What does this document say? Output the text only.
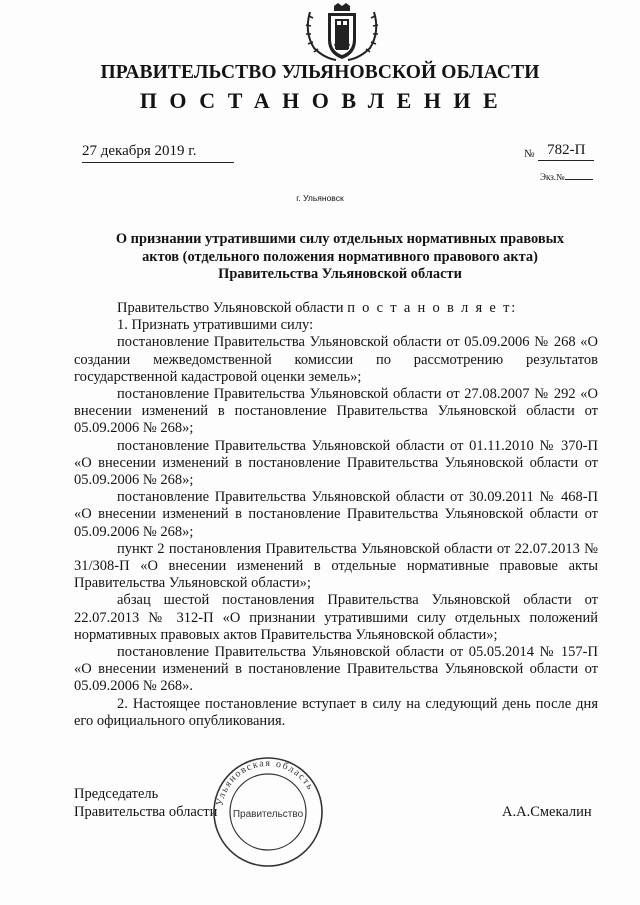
ПРАВИТЕЛЬСТВО УЛЬЯНОВСКОЙ ОБЛАСТИ
ПОСТАНОВЛЕНИЕ
27 декабря 2019 г.	$_№$ 782-П
Экз.№
г. Ульяновск
О признании утратившими силу отдельных нормативных правовых
актов (отдельного положения нормативного правового акта)
Правительства Ульяновской области

Правительство Ульяновской области п о с т а н о в л я е т:

1. Признать утратившими силу:

постановление Правительства Ульяновской области от 05.09.2006 № 268 «О создании межведомственной комиссии по рассмотрению результатов государственной кадастровой оценки земель»;

постановление Правительства Ульяновской области от 27.08.2007 № 292 «О внесении изменений в постановление Правительства Ульяновской области от 05.09.2006 № 268»;

постановление Правительства Ульяновской области от 01.11.2010 № 370-П «О внесении изменений в постановление Правительства Ульяновской области от 05.09.2006 № 268»;

постановление Правительства Ульяновской области от 30.09.2011 № 468-П «О внесении изменений в постановление Правительства Ульяновской области от 05.09.2006 № 268»;

пункт 2 постановления Правительства Ульяновской области от 22.07.2013 № 31/308-П «О внесении изменений в отдельные нормативные правовые акты Правительства Ульяновской области»;

абзац шестой постановления Правительства Ульяновской области от 22.07.2013 № 312-П «О признании утратившими силу отдельных положений нормативных правовых актов Правительства Ульяновской области»;

постановление Правительства Ульяновской области от 05.05.2014 № 157-П «О внесении изменений в постановление Правительства Ульяновской области от 05.09.2006 № 268».

2. Настоящее постановление вступает в силу на следующий день после дня его официального опубликования.

Председатель
Правительства области
Ульяновская область
Правительство	А.А.Смекалин
